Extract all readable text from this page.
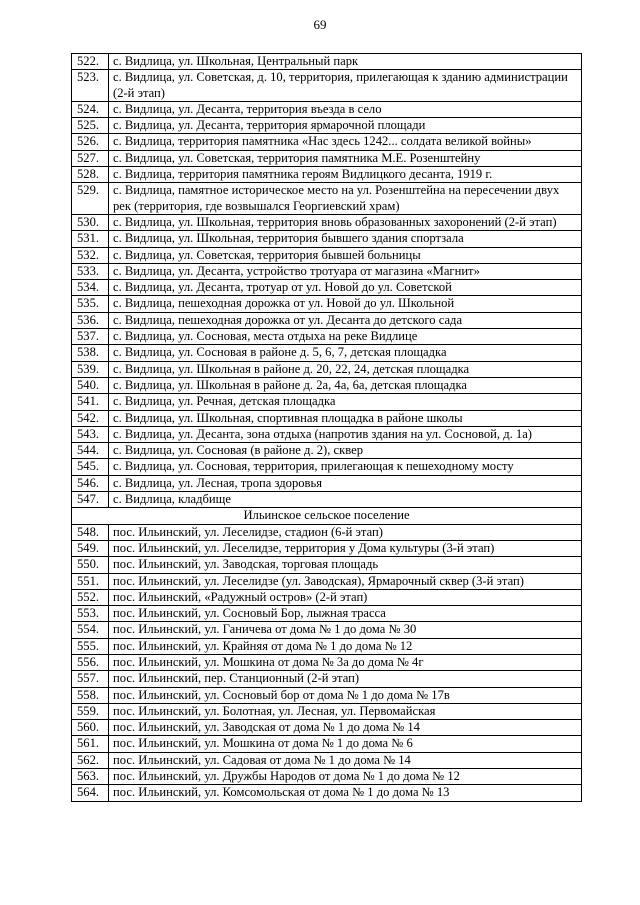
69
522.	с. Видлица, ул. Школьная, Центральный парк
523.	с. Видлица, ул. Советская, д. 10, территория, прилегающая к зданию администрации (2-й этап)
524.	с. Видлица, ул. Десанта, территория въезда в село
525.	с. Видлица, ул. Десанта, территория ярмарочной площади
526.	с. Видлица, территория памятника «Нас здесь 1242... солдата великой войны»
527.	с. Видлица, ул. Советская, территория памятника М.Е. Розенштейну
528.	с. Видлица, территория памятника героям Видлицкого десанта, 1919 г.
529.	с. Видлица, памятное историческое место на ул. Розенштейна на пересечении двух рек (территория, где возвышался Георгиевский храм)
530.	с. Видлица, ул. Школьная, территория вновь образованных захоронений (2-й этап)
531.	с. Видлица, ул. Школьная, территория бывшего здания спортзала
532.	с. Видлица, ул. Советская, территория бывшей больницы
533.	с. Видлица, ул. Десанта, устройство тротуара от магазина «Магнит»
534.	с. Видлица, ул. Десанта, тротуар от ул. Новой до ул. Советской
535.	с. Видлица, пешеходная дорожка от ул. Новой до ул. Школьной
536.	с. Видлица, пешеходная дорожка от ул. Десанта до детского сада
537.	с. Видлица, ул. Сосновая, места отдыха на реке Видлице
538.	с. Видлица, ул. Сосновая в районе д. 5, 6, 7, детская площадка
539.	с. Видлица, ул. Школьная в районе д. 20, 22, 24, детская площадка
540.	с. Видлица, ул. Школьная в районе д. 2а, 4а, 6а, детская площадка
541.	с. Видлица, ул. Речная, детская площадка
542.	с. Видлица, ул. Школьная, спортивная площадка в районе школы
543.	с. Видлица, ул. Десанта, зона отдыха (напротив здания на ул. Сосновой, д. 1а)
544.	с. Видлица, ул. Сосновая (в районе д. 2), сквер
545.	с. Видлица, ул. Сосновая, территория, прилегающая к пешеходному мосту
546.	с. Видлица, ул. Лесная, тропа здоровья
547.	с. Видлица, кладбище
Ильинское сельское поселение	
548.	пос. Ильинский, ул. Леселидзе, стадион (6-й этап)
549.	пос. Ильинский, ул. Леселидзе, территория у Дома культуры (3-й этап)
550.	пос. Ильинский, ул. Заводская, торговая площадь
551.	пос. Ильинский, ул. Леселидзе (ул. Заводская), Ярмарочный сквер (3-й этап)
552.	пос. Ильинский, «Радужный остров» (2-й этап)
553.	пос. Ильинский, ул. Сосновый Бор, лыжная трасса
554.	пос. Ильинский, ул. Ганичева от дома № 1 до дома № 30
555.	пос. Ильинский, ул. Крайняя от дома № 1 до дома № 12
556.	пос. Ильинский, ул. Мошкина от дома № 3а до дома № 4г
557.	пос. Ильинский, пер. Станционный (2-й этап)
558.	пос. Ильинский, ул. Сосновый бор от дома № 1 до дома № 17в
559.	пос. Ильинский, ул. Болотная, ул. Лесная, ул. Первомайская
560.	пос. Ильинский, ул. Заводская от дома № 1 до дома № 14
561.	пос. Ильинский, ул. Мошкина от дома № 1 до дома № 6
562.	пос. Ильинский, ул. Садовая от дома № 1 до дома № 14
563.	пос. Ильинский, ул. Дружбы Народов от дома № 1 до дома № 12
564.	пос. Ильинский, ул. Комсомольская от дома № 1 до дома № 13
